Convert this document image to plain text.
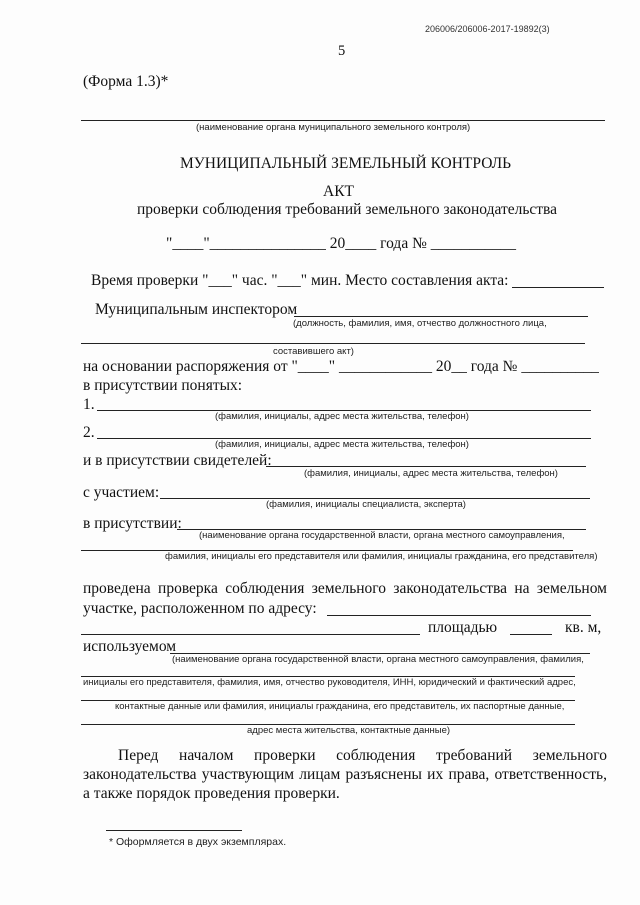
206006/206006-2017-19892(3)
5
(Форма 1.3)*
(наименование органа муниципального земельного контроля)
МУНИЦИПАЛЬНЫЙ ЗЕМЕЛЬНЫЙ КОНТРОЛЬ
АКТ
проверки соблюдения требований земельного законодательства
"____"_______________ 20____ года № ___________
Время проверки "___" час. "___" мин. Место составления акта:
Муниципальным инспектором
(должность, фамилия, имя, отчество должностного лица,
составившего акт)
на основании распоряжения от "____" ____________ 20__ года № __________
в присутствии понятых:
1.
(фамилия, инициалы, адрес места жительства, телефон)
2.
(фамилия, инициалы, адрес места жительства, телефон)
и в присутствии свидетелей:
(фамилия, инициалы, адрес места жительства, телефон)
с участием:
(фамилия, инициалы специалиста, эксперта)
в присутствии:
(наименование органа государственной власти, органа местного самоуправления,
фамилия, инициалы его представителя или фамилия, инициалы гражданина, его представителя)
проведена проверка соблюдения земельного законодательства на земельном
участке, расположенном по адресу:
площадью	кв. м,
используемом
(наименование органа государственной власти, органа местного самоуправления, фамилия,
инициалы его представителя, фамилия, имя, отчество руководителя, ИНН, юридический и фактический адрес,
контактные данные или фамилия, инициалы гражданина, его представитель, их паспортные данные,
адрес места жительства, контактные данные)
Перед началом проверки соблюдения требований земельного
законодательства участвующим лицам разъяснены их права, ответственность,
а также порядок проведения проверки.
* Оформляется в двух экземплярах.
